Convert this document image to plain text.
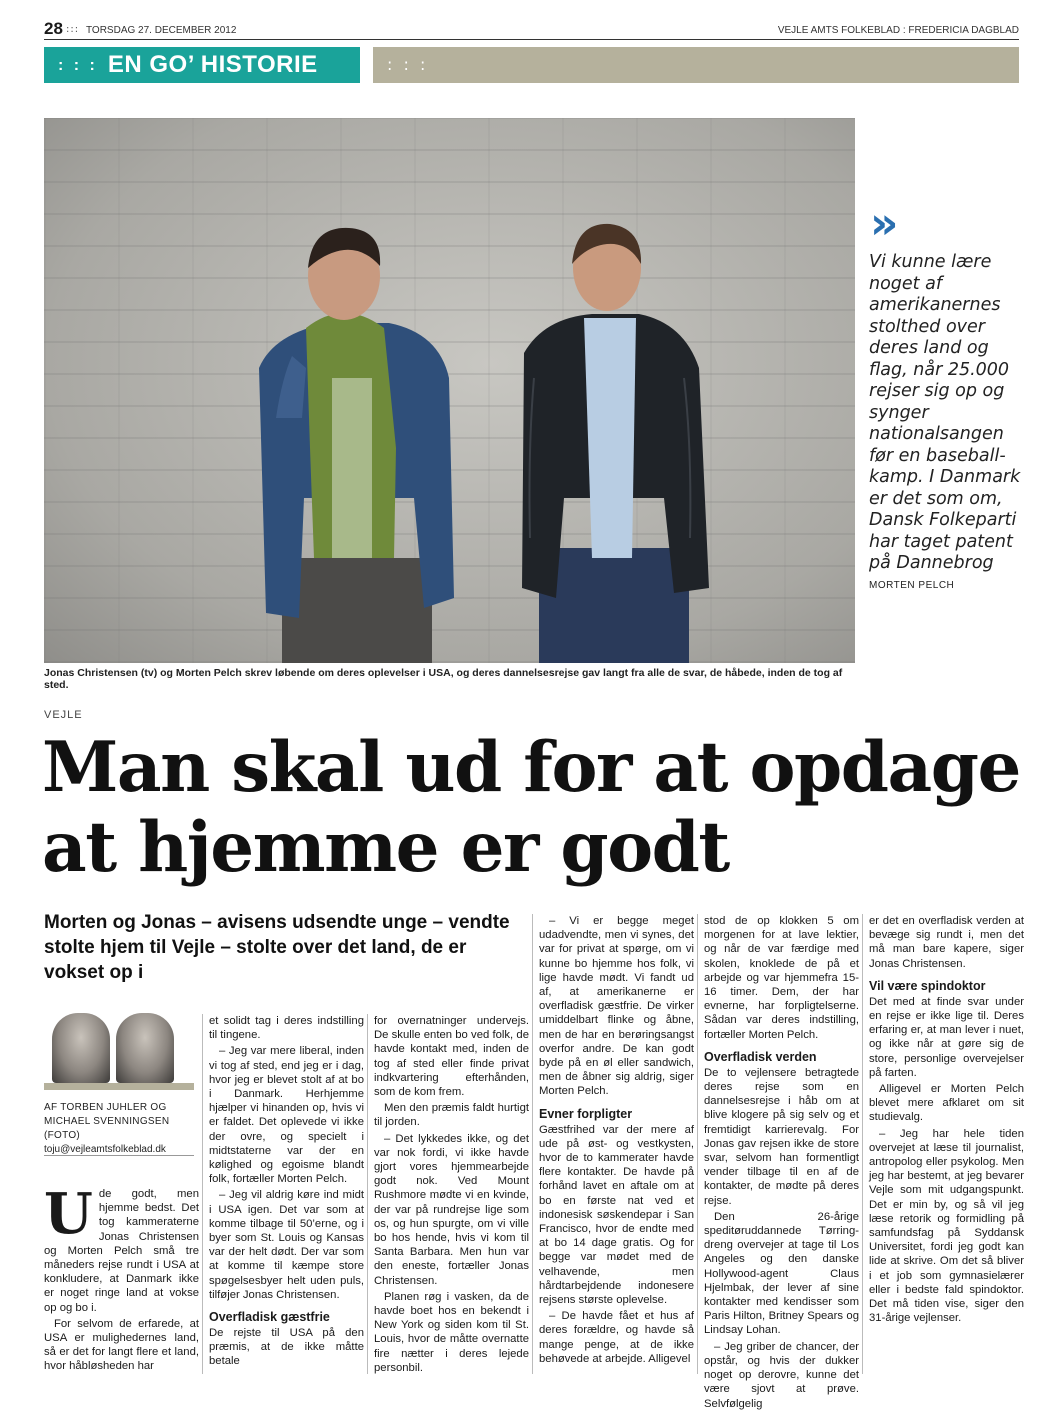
28 ::: TORSDAG 27. DECEMBER 2012	VEJLE AMTS FOLKEBLAD : FREDERICIA DAGBLAD
: : : EN GO’ HISTORIE	: : :
Jonas Christensen (tv) og Morten Pelch skrev løbende om deres oplevelser i USA, og deres dannelsesrejse gav langt fra alle de svar, de håbede, inden de tog af sted.
»
Vi kunne lære noget af amerikanernes stolthed over deres land og flag, når 25.000 rejser sig op og synger nationalsangen før en baseball-kamp. I Danmark er det som om, Dansk Folkeparti har taget patent på Dannebrog
MORTEN PELCH
VEJLE
Man skal ud for at opdage at hjemme er godt
Morten og Jonas – avisens udsendte unge – vendte stolte hjem til Vejle – stolte over det land, de er vokset op i
AF TORBEN JUHLER OG
MICHAEL SVENNINGSEN (FOTO)
toju@vejleamtsfolkeblad.dk

Ude godt, men hjemme bedst. Det tog kammeraterne Jonas Christensen og Morten Pelch små tre måneders rejse rundt i USA at konkludere, at Danmark ikke er noget ringe land at vokse op og bo i.

For selvom de erfarede, at USA er mulighedernes land, så er det for langt flere et land, hvor håbløsheden har

et solidt tag i deres indstilling til tingene.

– Jeg var mere liberal, inden vi tog af sted, end jeg er i dag, hvor jeg er blevet stolt af at bo i Danmark. Herhjemme hjælper vi hinanden op, hvis vi er faldet. Det oplevede vi ikke der ovre, og specielt i midtstaterne var der en kølighed og egoisme blandt folk, fortæller Morten Pelch.

– Jeg vil aldrig køre ind midt i USA igen. Det var som at komme tilbage til 50’erne, og i byer som St. Louis og Kansas var der helt dødt. Der var som at komme til kæmpe store spøgelsesbyer helt uden puls, tilføjer Jonas Christensen.

Overfladisk gæstfrie

De rejste til USA på den præmis, at de ikke måtte betale

for overnatninger undervejs. De skulle enten bo ved folk, de havde kontakt med, inden de tog af sted eller finde privat indkvartering efterhånden, som de kom frem.

Men den præmis faldt hurtigt til jorden.

– Det lykkedes ikke, og det var nok fordi, vi ikke havde gjort vores hjemmearbejde godt nok. Ved Mount Rushmore mødte vi en kvinde, der var på rundrejse lige som os, og hun spurgte, om vi ville bo hos hende, hvis vi kom til Santa Barbara. Men hun var den eneste, fortæller Jonas Christensen.

Planen røg i vasken, da de havde boet hos en bekendt i New York og siden kom til St. Louis, hvor de måtte overnatte fire nætter i deres lejede personbil.

– Vi er begge meget udadvendte, men vi synes, det var for privat at spørge, om vi kunne bo hjemme hos folk, vi lige havde mødt. Vi fandt ud af, at amerikanerne er overfladisk gæstfrie. De virker umiddelbart flinke og åbne, men de har en berøringsangst overfor andre. De kan godt byde på en øl eller sandwich, men de åbner sig aldrig, siger Morten Pelch.

Evner forpligter

Gæstfrihed var der mere af ude på øst- og vestkysten, hvor de to kammerater havde flere kontakter. De havde på forhånd lavet en aftale om at bo en første nat ved et indonesisk søskendepar i San Francisco, hvor de endte med at bo 14 dage gratis. Og for begge var mødet med de velhavende, men hårdtarbejdende indonesere rejsens største oplevelse.

– De havde fået et hus af deres forældre, og havde så mange penge, at de ikke behøvede at arbejde. Alligevel

stod de op klokken 5 om morgenen for at lave lektier, og når de var færdige med skolen, knoklede de på et arbejde og var hjemmefra 15-16 timer. Dem, der har evnerne, har forpligtelserne. Sådan var deres indstilling, fortæller Morten Pelch.

Overfladisk verden

De to vejlensere betragtede deres rejse som en dannelsesrejse i håb om at blive klogere på sig selv og et fremtidigt karrierevalg. For Jonas gav rejsen ikke de store svar, selvom han formentligt vender tilbage til en af de kontakter, de mødte på deres rejse.

Den 26-årige speditøruddannede Tørring-dreng overvejer at tage til Los Angeles og den danske Hollywood-agent Claus Hjelmbak, der lever af sine kontakter med kendisser som Paris Hilton, Britney Spears og Lindsay Lohan.

– Jeg griber de chancer, der opstår, og hvis der dukker noget op derovre, kunne det være sjovt at prøve. Selvfølgelig

er det en overfladisk verden at bevæge sig rundt i, men det må man bare kapere, siger Jonas Christensen.

Vil være spindoktor

Det med at finde svar under en rejse er ikke lige til. Deres erfaring er, at man lever i nuet, og ikke når at gøre sig de store, personlige overvejelser på farten.

Alligevel er Morten Pelch blevet mere afklaret om sit studievalg.

– Jeg har hele tiden overvejet at læse til journalist, antropolog eller psykolog. Men jeg har bestemt, at jeg bevarer Vejle som mit udgangspunkt. Det er min by, og så vil jeg læse retorik og formidling på samfundsfag på Syddansk Universitet, fordi jeg godt kan lide at skrive. Om det så bliver i et job som gymnasielærer eller i bedste fald spindoktor. Det må tiden vise, siger den 31-årige vejlenser.
